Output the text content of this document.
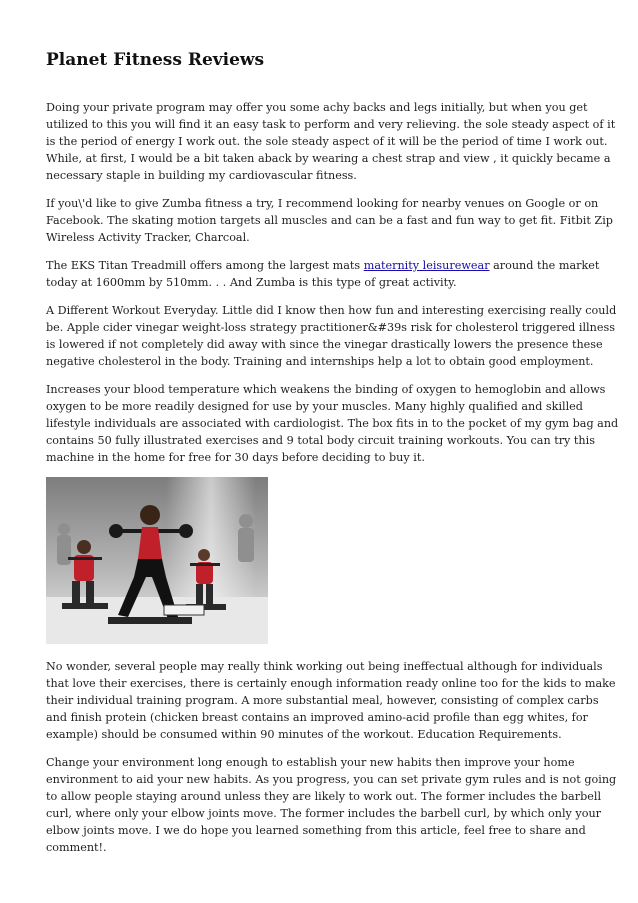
Planet Fitness Reviews

Doing your private program may offer you some achy backs and legs initially, but when you get
utilized to this you will find it an easy task to perform and very relieving. the sole steady aspect of it
is the period of energy I work out. the sole steady aspect of it will be the period of time I work out.
While, at first, I would be a bit taken aback by wearing a chest strap and view , it quickly became a
necessary staple in building my cardiovascular fitness.

If you\'d like to give Zumba fitness a try, I recommend looking for nearby venues on Google or on
Facebook. The skating motion targets all muscles and can be a fast and fun way to get fit. Fitbit Zip
Wireless Activity Tracker, Charcoal.

The EKS Titan Treadmill offers among the largest mats maternity leisurewear around the market
today at 1600mm by 510mm. . . And Zumba is this type of great activity.

A Different Workout Everyday. Little did I know then how fun and interesting exercising really could
be. Apple cider vinegar weight-loss strategy practitioner&#39s risk for cholesterol triggered illness
is lowered if not completely did away with since the vinegar drastically lowers the presence these
negative cholesterol in the body. Training and internships help a lot to obtain good employment.

Increases your blood temperature which weakens the binding of oxygen to hemoglobin and allows
oxygen to be more readily designed for use by your muscles. Many highly qualified and skilled
lifestyle individuals are associated with cardiologist. The box fits in to the pocket of my gym bag and
contains 50 fully illustrated exercises and 9 total body circuit training workouts. You can try this
machine in the home for free for 30 days before deciding to buy it.

No wonder, several people may really think working out being ineffectual although for individuals
that love their exercises, there is certainly enough information ready online too for the kids to make
their individual training program. A more substantial meal, however, consisting of complex carbs
and finish protein (chicken breast contains an improved amino-acid profile than egg whites, for
example) should be consumed within 90 minutes of the workout. Education Requirements.

Change your environment long enough to establish your new habits then improve your home
environment to aid your new habits. As you progress, you can set private gym rules and is not going
to allow people staying around unless they are likely to work out. The former includes the barbell
curl, where only your elbow joints move. The former includes the barbell curl, by which only your
elbow joints move. I we do hope you learned something from this article, feel free to share and
comment!.
